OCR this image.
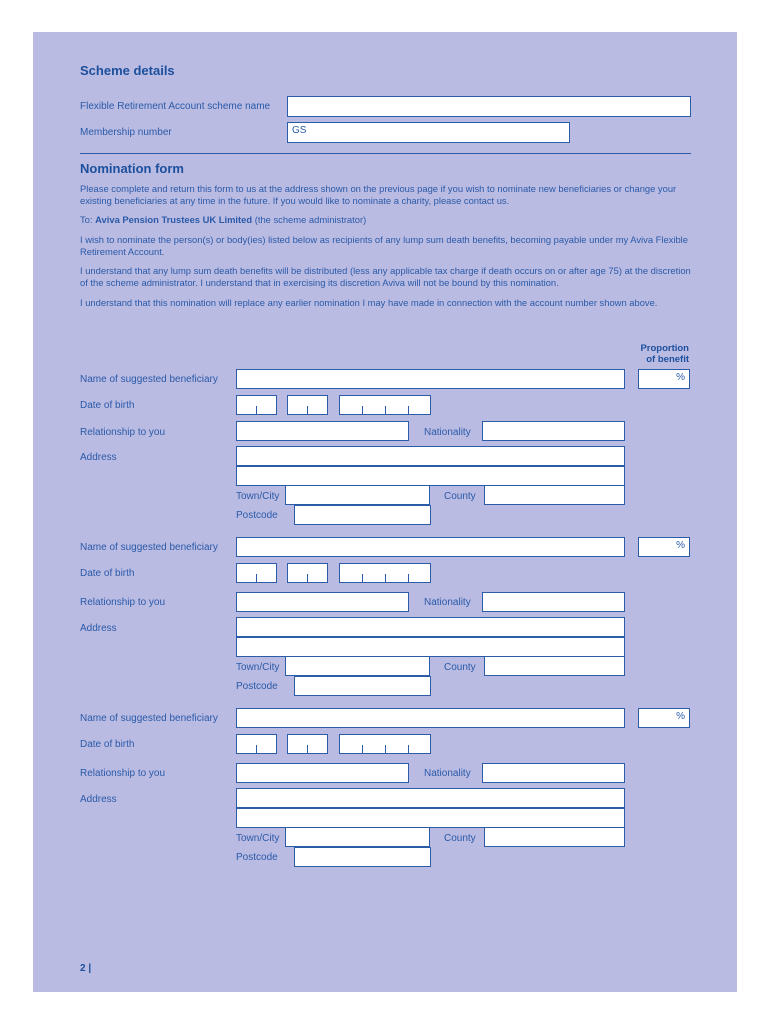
Scheme details
Flexible Retirement Account scheme name
Membership number	GS
Nomination form
Please complete and return this form to us at the address shown on the previous page if you wish to nominate new beneficiaries or change your existing beneficiaries at any time in the future. If you would like to nominate a charity, please contact us.
To: Aviva Pension Trustees UK Limited (the scheme administrator)
I wish to nominate the person(s) or body(ies) listed below as recipients of any lump sum death benefits, becoming payable under my Aviva Flexible Retirement Account.
I understand that any lump sum death benefits will be distributed (less any applicable tax charge if death occurs on or after age 75) at the discretion of the scheme administrator. I understand that in exercising its discretion Aviva will not be bound by this nomination.
I understand that this nomination will replace any earlier nomination I may have made in connection with the account number shown above.
Proportion
of benefit
Name of suggested beneficiary	%
Date of birth
Relationship to you	Nationality
Address
Town/City	County
Postcode
Name of suggested beneficiary	%
Date of birth
Relationship to you	Nationality
Address
Town/City	County
Postcode
Name of suggested beneficiary	%
Date of birth
Relationship to you	Nationality
Address
Town/City	County
Postcode
2 |
